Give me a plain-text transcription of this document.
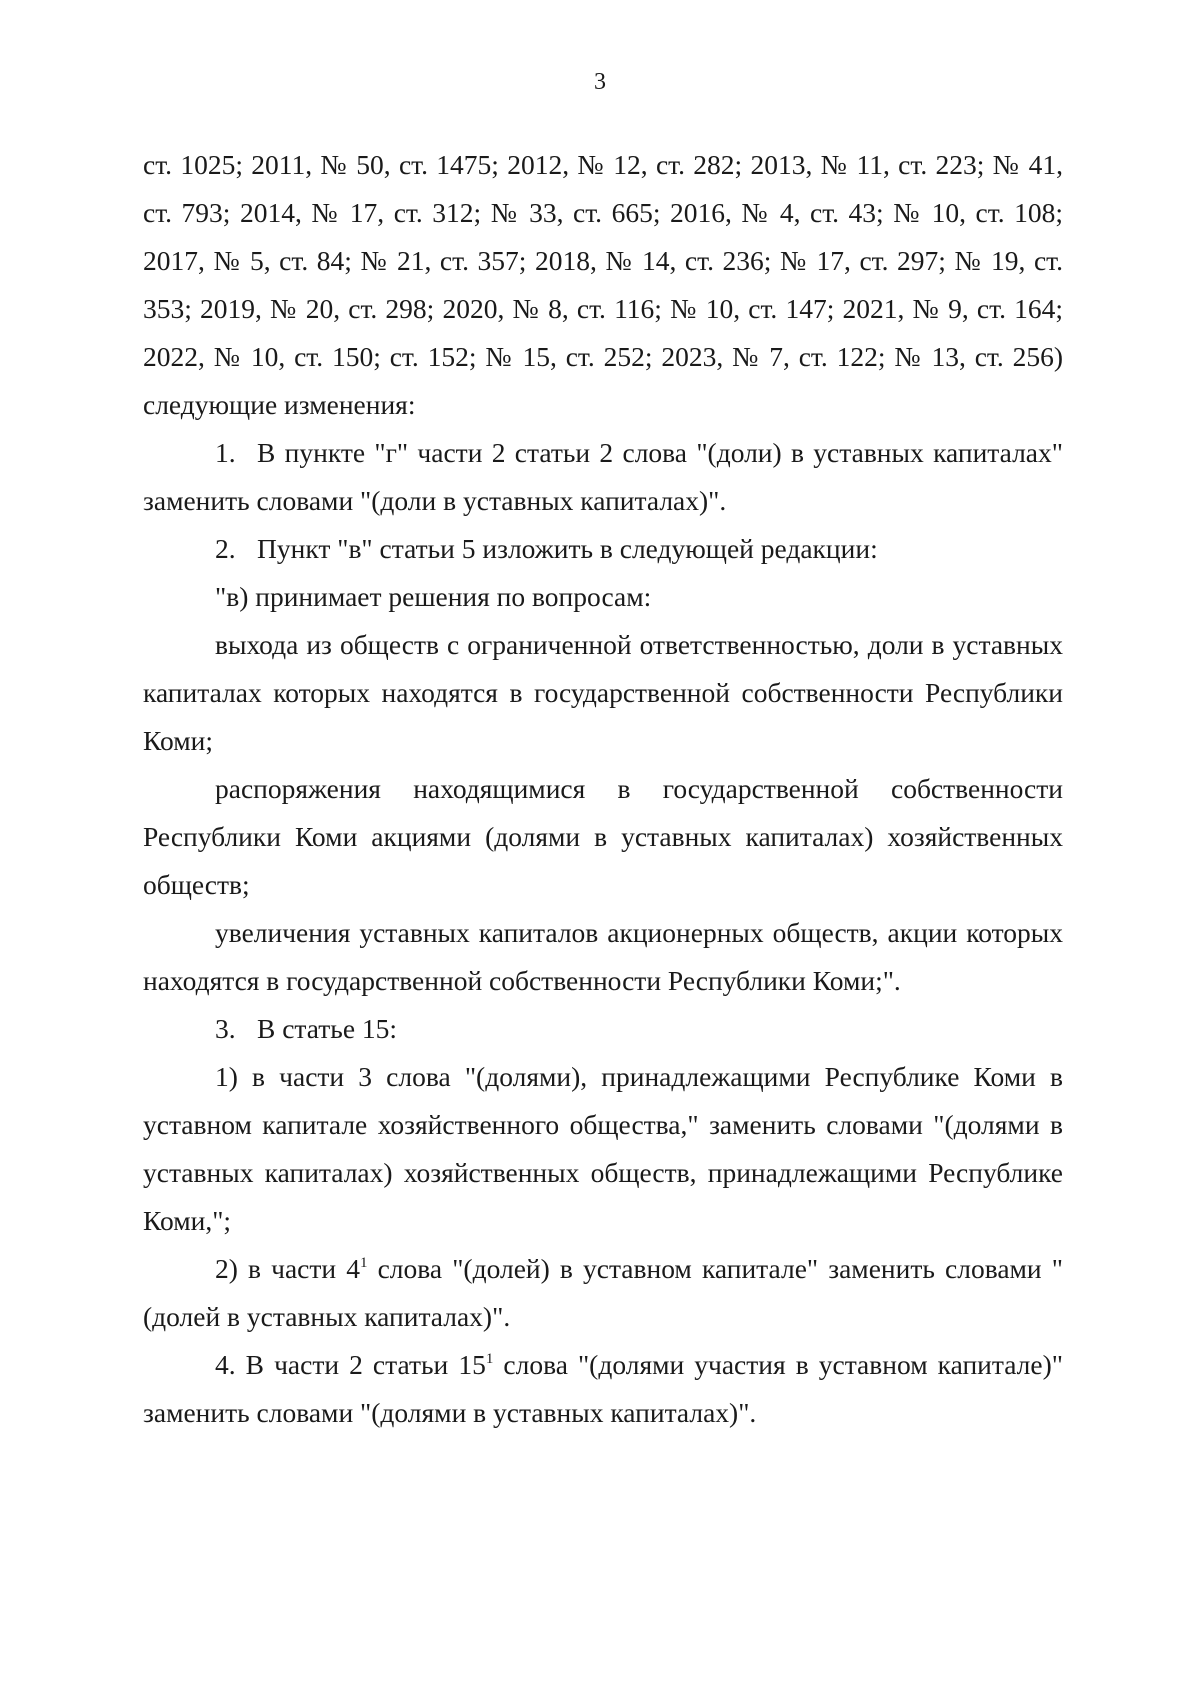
3

ст. 1025; 2011, № 50, ст. 1475; 2012, № 12, ст. 282; 2013, № 11, ст. 223; № 41, ст. 793; 2014, № 17, ст. 312; № 33, ст. 665; 2016, № 4, ст. 43; № 10, ст. 108; 2017, № 5, ст. 84; № 21, ст. 357; 2018, № 14, ст. 236; № 17, ст. 297; № 19, ст. 353; 2019, № 20, ст. 298; 2020, № 8, ст. 116; № 10, ст. 147; 2021, № 9, ст. 164; 2022, № 10, ст. 150; ст. 152; № 15, ст. 252; 2023, № 7, ст. 122; № 13, ст. 256) следующие изменения:

1. В пункте "г" части 2 статьи 2 слова "(доли) в уставных капиталах" заменить словами "(доли в уставных капиталах)".

2. Пункт "в" статьи 5 изложить в следующей редакции:

"в) принимает решения по вопросам:

выхода из обществ с ограниченной ответственностью, доли в уставных капиталах которых находятся в государственной собственности Республики Коми;

распоряжения находящимися в государственной собственности Республики Коми акциями (долями в уставных капиталах) хозяйственных обществ;

увеличения уставных капиталов акционерных обществ, акции которых находятся в государственной собственности Республики Коми;".

3. В статье 15:

1) в части 3 слова "(долями), принадлежащими Республике Коми в уставном капитале хозяйственного общества," заменить словами "(долями в уставных капиталах) хозяйственных обществ, принадлежащими Республике Коми,";

2) в части $4^1$ слова "(долей) в уставном капитале" заменить словами "(долей в уставных капиталах)".

4. В части 2 статьи $15^1$ слова "(долями участия в уставном капитале)" заменить словами "(долями в уставных капиталах)".
